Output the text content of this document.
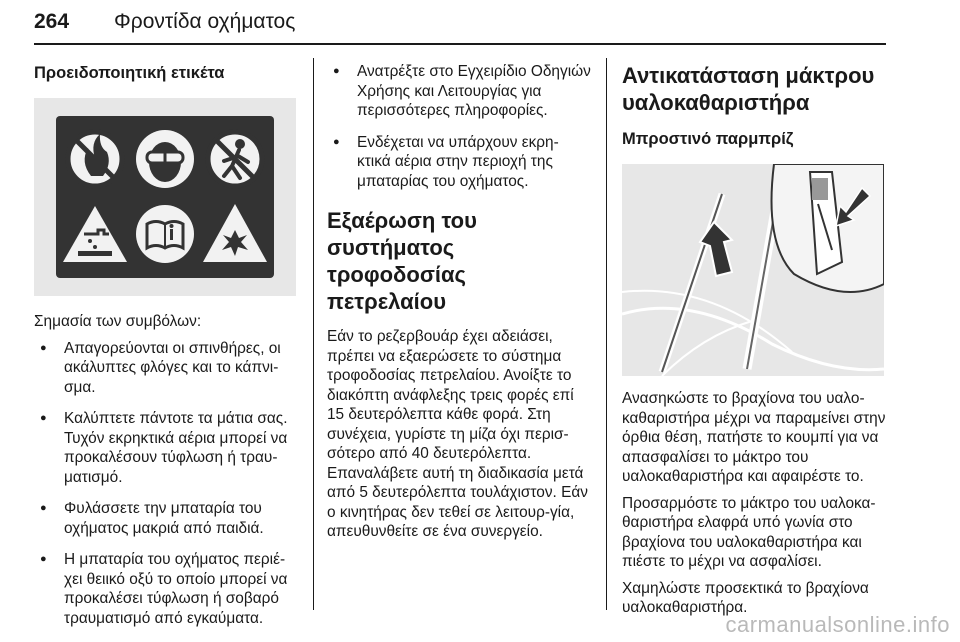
264 Φροντίδα οχήματος
Προειδοποιητική ετικέτα

Σημασία των συμβόλων:

● Απαγορεύονται οι σπινθήρες, οι ακάλυπτες φλόγες και το κάπνι-σμα.
● Καλύπτετε πάντοτε τα μάτια σας. Τυχόν εκρηκτικά αέρια μπορεί να προκαλέσουν τύφλωση ή τραυ-ματισμό.
● Φυλάσσετε την μπαταρία του οχήματος μακριά από παιδιά.
● Η μπαταρία του οχήματος περιέ-χει θειικό οξύ το οποίο μπορεί να προκαλέσει τύφλωση ή σοβαρό τραυματισμό από εγκαύματα.
● Ανατρέξτε στο Εγχειρίδιο Οδηγιών Χρήσης και Λειτουργίας για περισσότερες πληροφορίες.
● Ενδέχεται να υπάρχουν εκρη-κτικά αέρια στην περιοχή της μπαταρίας του οχήματος.
Εξαέρωση του συστήματος τροφοδοσίας πετρελαίου

Εάν το ρεζερβουάρ έχει αδειάσει, πρέπει να εξαερώσετε το σύστημα τροφοδοσίας πετρελαίου. Ανοίξτε το διακόπτη ανάφλεξης τρεις φορές επί 15 δευτερόλεπτα κάθε φορά. Στη συνέχεια, γυρίστε τη μίζα όχι περισ-σότερο από 40 δευτερόλεπτα. Επαναλάβετε αυτή τη διαδικασία μετά από 5 δευτερόλεπτα τουλάχιστον. Εάν ο κινητήρας δεν τεθεί σε λειτουρ-γία, απευθυνθείτε σε ένα συνεργείο.

Αντικατάσταση μάκτρου υαλοκαθαριστήρα
Μπροστινό παρμπρίζ

Ανασηκώστε το βραχίονα του υαλο-καθαριστήρα μέχρι να παραμείνει στην όρθια θέση, πατήστε το κουμπί για να απασφαλίσει το μάκτρο του υαλοκαθαριστήρα και αφαιρέστε το.

Προσαρμόστε το μάκτρο του υαλοκα-θαριστήρα ελαφρά υπό γωνία στο βραχίονα του υαλοκαθαριστήρα και πιέστε το μέχρι να ασφαλίσει.

Χαμηλώστε προσεκτικά το βραχίονα υαλοκαθαριστήρα.

carmanualsonline.info
